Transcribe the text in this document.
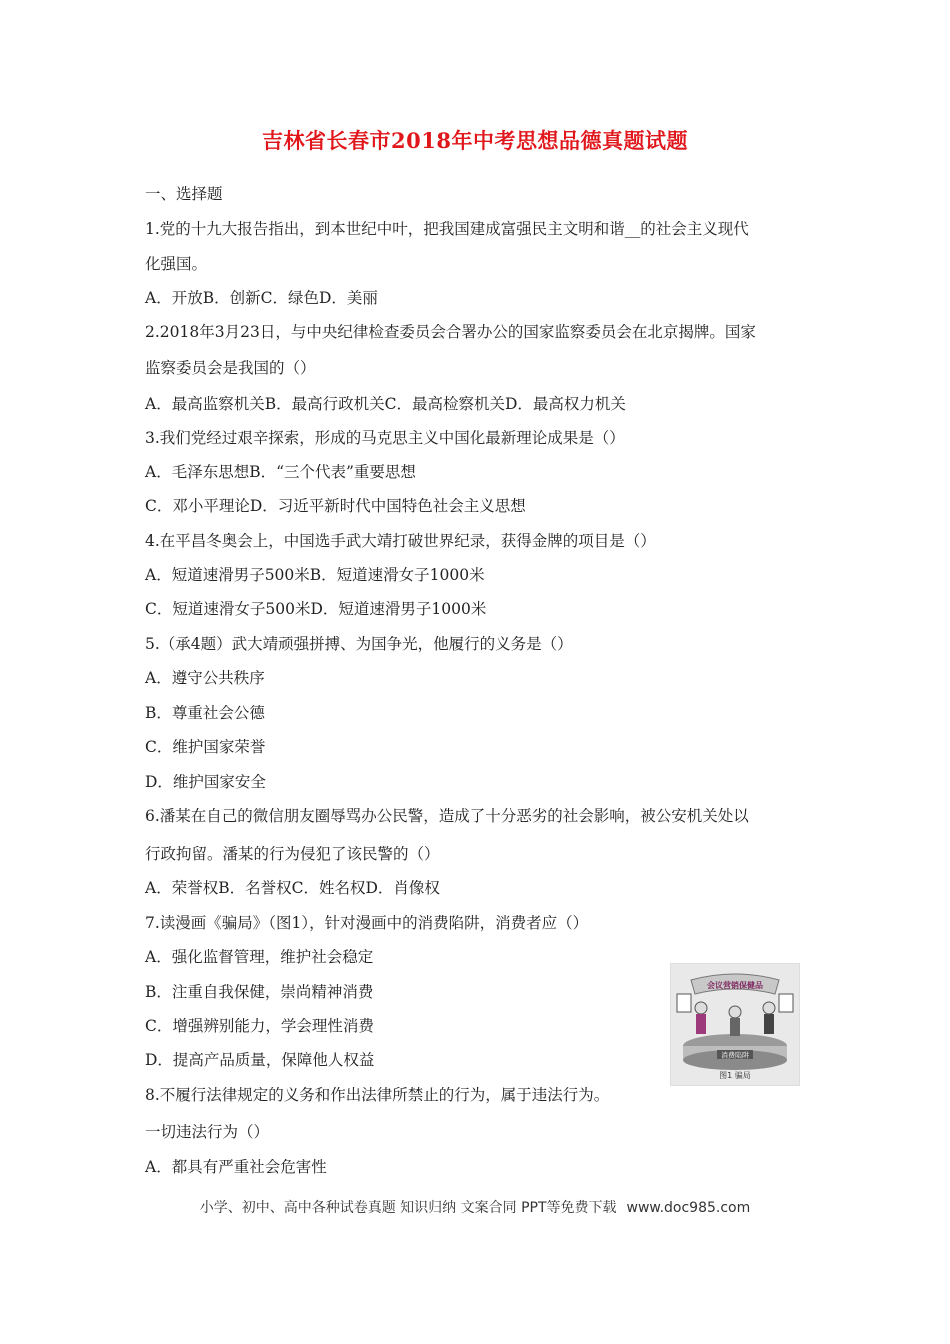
吉林省长春市2018年中考思想品德真题试题
一、选择题
1.党的十九大报告指出，到本世纪中叶，把我国建成富强民主文明和谐__的社会主义现代
化强国。
A．开放B．创新C．绿色D．美丽
2.2018年3月23日，与中央纪律检查委员会合署办公的国家监察委员会在北京揭牌。国家
监察委员会是我国的（）
A．最高监察机关B．最高行政机关C．最高检察机关D．最高权力机关
3.我们党经过艰辛探索，形成的马克思主义中国化最新理论成果是（）
A．毛泽东思想B．“三个代表”重要思想
C．邓小平理论D．习近平新时代中国特色社会主义思想
4.在平昌冬奥会上，中国选手武大靖打破世界纪录，获得金牌的项目是（）
A．短道速滑男子500米B．短道速滑女子1000米
C．短道速滑女子500米D．短道速滑男子1000米
5.（承4题）武大靖顽强拼搏、为国争光，他履行的义务是（）
A．遵守公共秩序
B．尊重社会公德
C．维护国家荣誉
D．维护国家安全
6.潘某在自己的微信朋友圈辱骂办公民警，造成了十分恶劣的社会影响，被公安机关处以
行政拘留。潘某的行为侵犯了该民警的（）
A．荣誉权B．名誉权C．姓名权D．肖像权
7.读漫画《骗局》（图1），针对漫画中的消费陷阱，消费者应（）
A．强化监督管理，维护社会稳定
B．注重自我保健，崇尚精神消费
C．增强辨别能力，学会理性消费
D．提高产品质量，保障他人权益
8.不履行法律规定的义务和作出法律所禁止的行为，属于违法行为。
一切违法行为（）
A．都具有严重社会危害性
消费陷阱
会议营销保健品
图1 骗局
小学、初中、高中各种试卷真题 知识归纳 文案合同 PPT等免费下载 www.doc985.com
